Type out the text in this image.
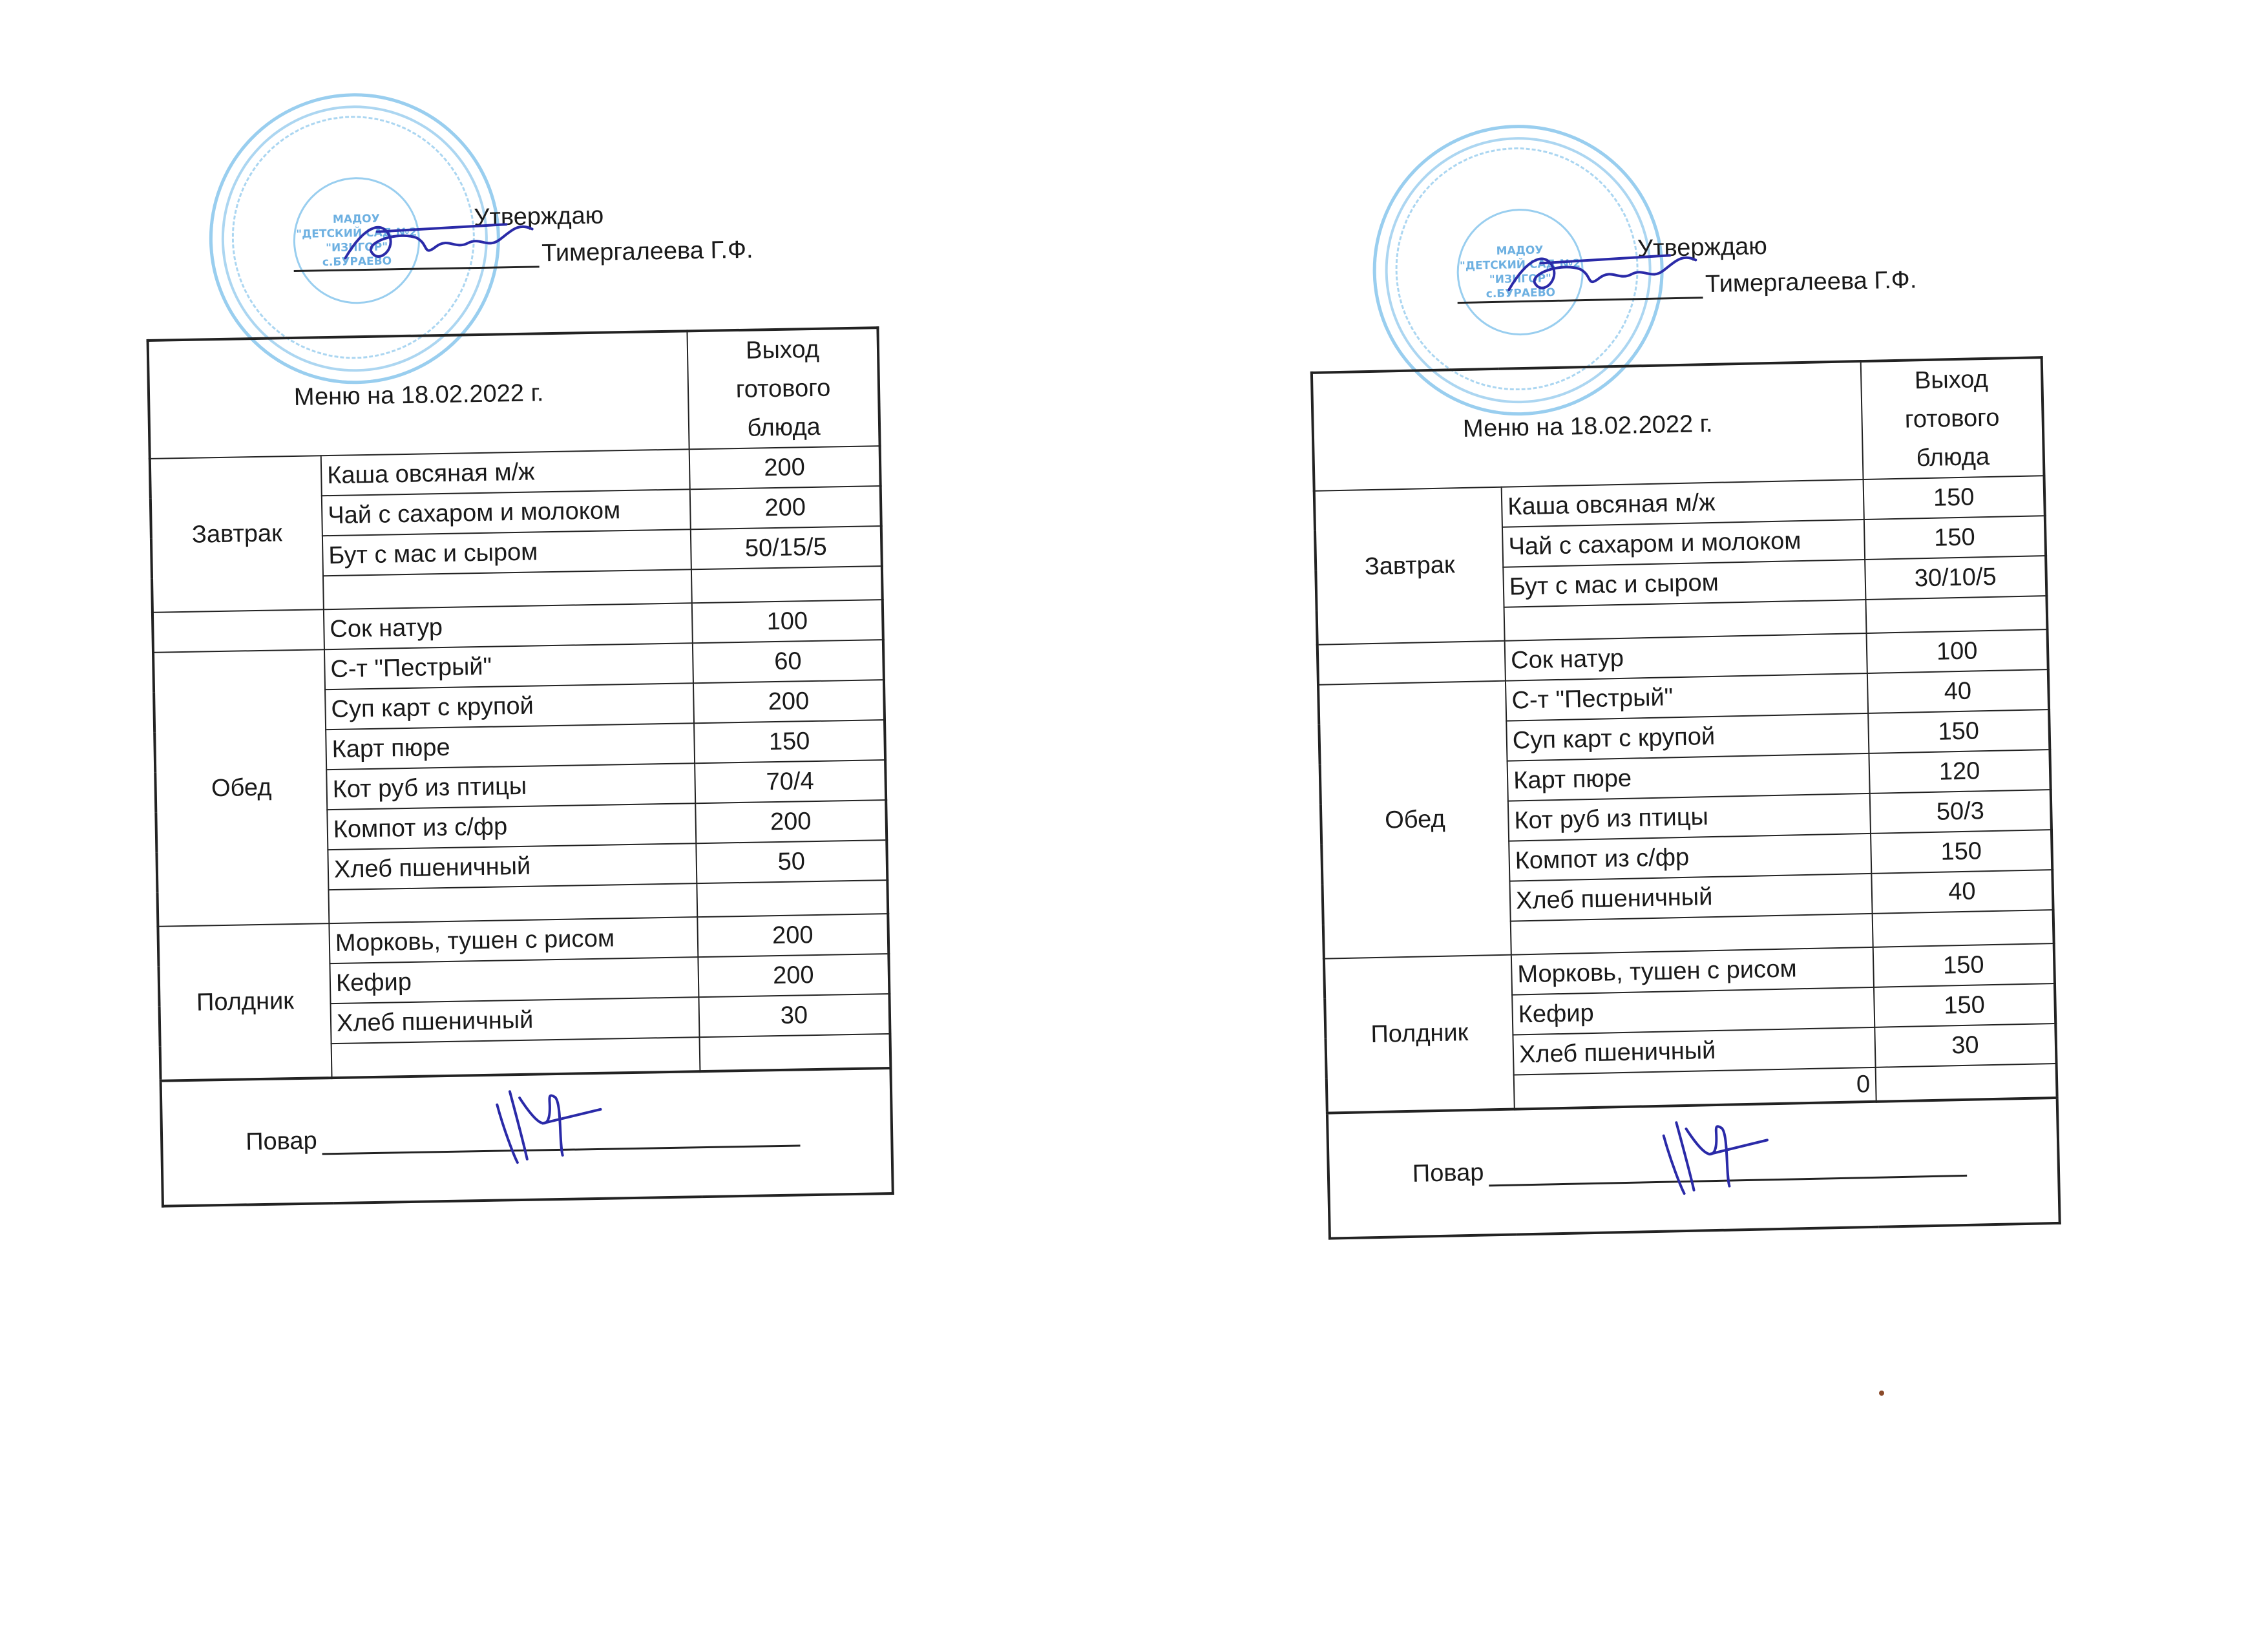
МАДОУ
"ДЕТСКИЙ САД №2
"ИЗИГОР"
с.БУРАЕВО
Утверждаю
Тимергалеева Г.Ф.
Меню на 18.02.2022 г.		Выход
готового
блюда

Завтрак	Каша овсяная м/ж	200
	Чай с сахаром и молоком	200
	Бут с мас и сыром	50/15/5

	Сок натур	100
Обед	С-т "Пестрый"	60
	Суп карт с крупой	200
	Карт пюре	150
	Кот руб из птицы	70/4
	Компот из с/фр	200
	Хлеб пшеничный	50

Полдник	Морковь, тушен с рисом	200
	Кефир	200
	Хлеб пшеничный	30

Повар		
МАДОУ
"ДЕТСКИЙ САД №2
"ИЗИГОР"
с.БУРАЕВО
Утверждаю
Тимергалеева Г.Ф.
Меню на 18.02.2022 г.		Выход
готового
блюда

Завтрак	Каша овсяная м/ж	150
	Чай с сахаром и молоком	150
	Бут с мас и сыром	30/10/5

	Сок натур	100
Обед	С-т "Пестрый"	40
	Суп карт с крупой	150
	Карт пюре	120
	Кот руб из птицы	50/3
	Компот из с/фр	150
	Хлеб пшеничный	40

Полдник	Морковь, тушен с рисом	150
	Кефир	150
	Хлеб пшеничный	30
	0	

Повар		
